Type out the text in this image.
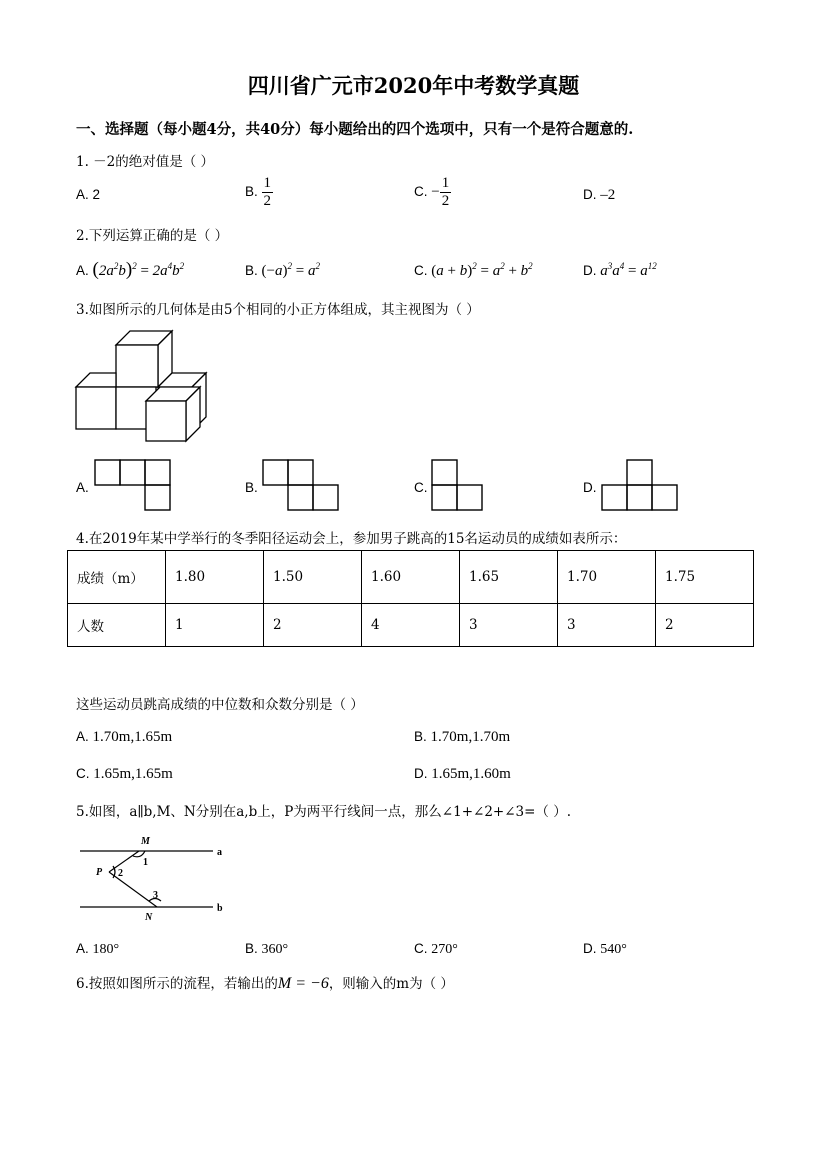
四川省广元市2020年中考数学真题
一、选择题（每小题4分，共40分）每小题给出的四个选项中，只有一个是符合题意的.
1. －2的绝对值是（ ）
A. 2	B. $\frac{1}{2}$	C. − $\frac{1}{2}$	D. –2
2.下列运算正确的是（ ）
A. $(2a^2b)^2 = 2a^4b^2$	B. $(-a)^2 = a^2$	C. $(a + b)^2 = a^2 + b^2$	D. $a^3a^4 = a^{12}$
3.如图所示的几何体是由5个相同的小正方体组成，其主视图为（ ）
A.	B.	C.	D.
4.在2019年某中学举行的冬季阳径运动会上，参加男子跳高的15名运动员的成绩如表所示：
成绩（m）	1.80	1.50	1.60	1.65	1.70	1.75
人数	1	2	4	3	3	2
这些运动员跳高成绩的中位数和众数分别是（ ）
A. 1.70m,1.65m	B. 1.70m,1.70m
C. 1.65m,1.65m	D. 1.65m,1.60m
5.如图，a∥b,M、N分别在a,b上，P为两平行线间一点，那么∠1+∠2+∠3=（ ）.
M
N
P
1
2
3
a
b
A. 180°	B. 360°	C. 270°	D. 540°
6.按照如图所示的流程，若输出的M = −6，则输入的m为（ ）
